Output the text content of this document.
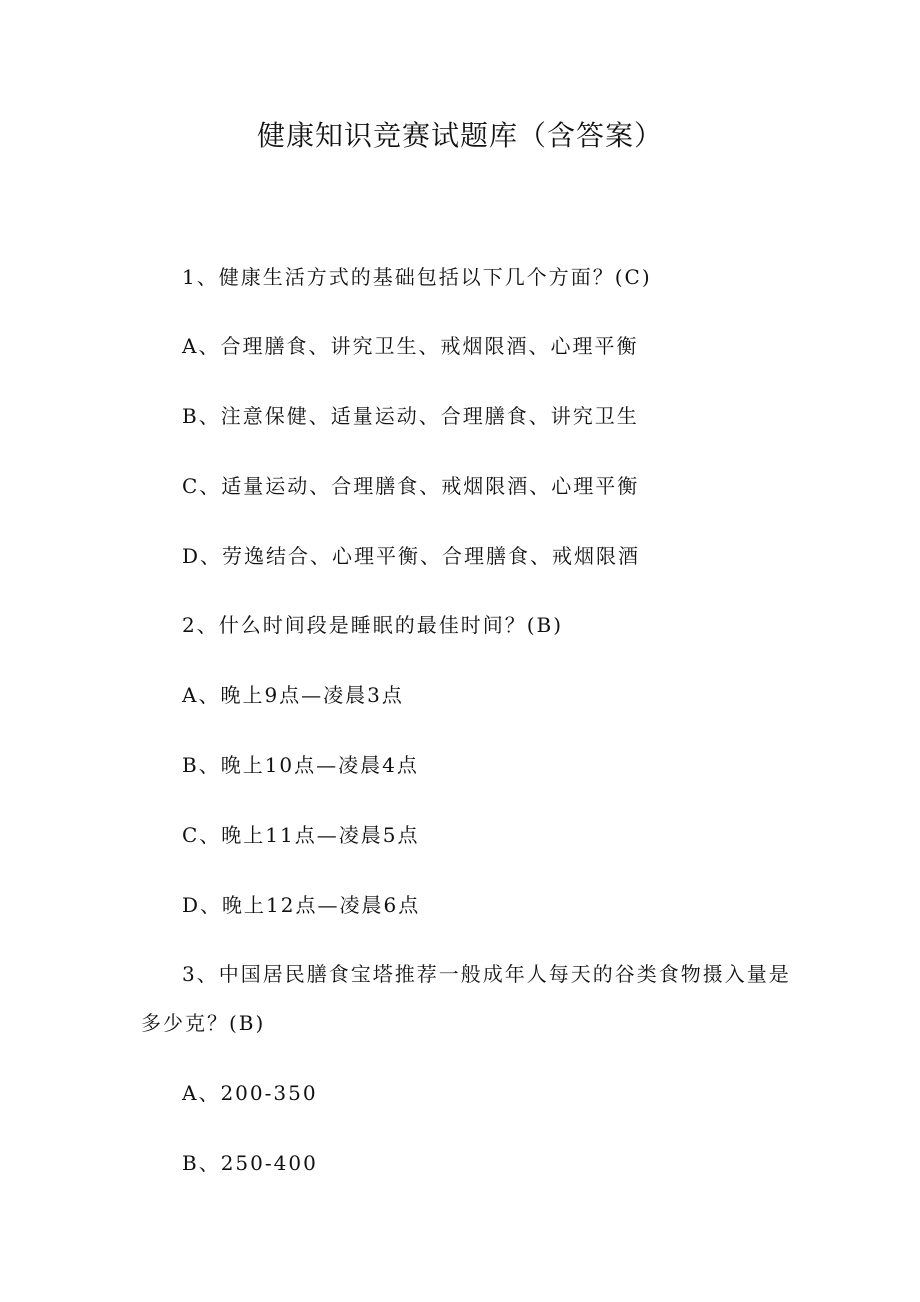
健康知识竞赛试题库（含答案）
1、健康生活方式的基础包括以下几个方面？(C)
A、合理膳食、讲究卫生、戒烟限酒、心理平衡
B、注意保健、适量运动、合理膳食、讲究卫生
C、适量运动、合理膳食、戒烟限酒、心理平衡
D、劳逸结合、心理平衡、合理膳食、戒烟限酒
2、什么时间段是睡眠的最佳时间？(B)
A、晚上9点—凌晨3点
B、晚上10点—凌晨4点
C、晚上11点—凌晨5点
D、晚上12点—凌晨6点
3、中国居民膳食宝塔推荐一般成年人每天的谷类食物摄入量是
多少克？(B)
A、200-350
B、250-400
